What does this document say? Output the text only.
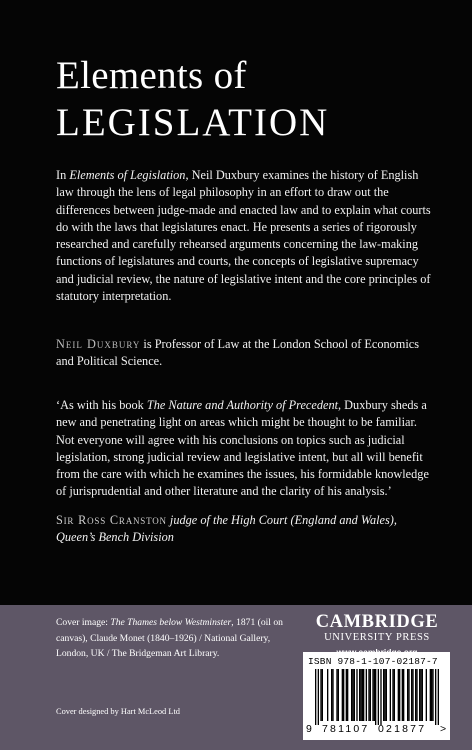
Elements of
LEGISLATION

In Elements of Legislation, Neil Duxbury examines the history of English law through the lens of legal philosophy in an effort to draw out the differences between judge-made and enacted law and to explain what courts do with the laws that legislatures enact. He presents a series of rigorously researched and carefully rehearsed arguments concerning the law-making functions of legislatures and courts, the concepts of legislative supremacy and judicial review, the nature of legislative intent and the core principles of statutory interpretation.

Neil Duxbury is Professor of Law at the London School of Economics and Political Science.

‘As with his book The Nature and Authority of Precedent, Duxbury sheds a new and penetrating light on areas which might be thought to be familiar. Not everyone will agree with his conclusions on topics such as judicial legislation, strong judicial review and legislative intent, but all will benefit from the care with which he examines the issues, his formidable knowledge of jurisprudential and other literature and the clarity of his analysis.’

Sir Ross Cranston judge of the High Court (England and Wales), Queen’s Bench Division

Cover image: The Thames below Westminster, 1871 (oil on canvas), Claude Monet (1840–1926) / National Gallery, London, UK / The Bridgeman Art Library.

Cover designed by Hart McLeod Ltd

CAMBRIDGE
UNIVERSITY PRESS
ISBN 978-1-107-02187-7
9 781107 021877 >
